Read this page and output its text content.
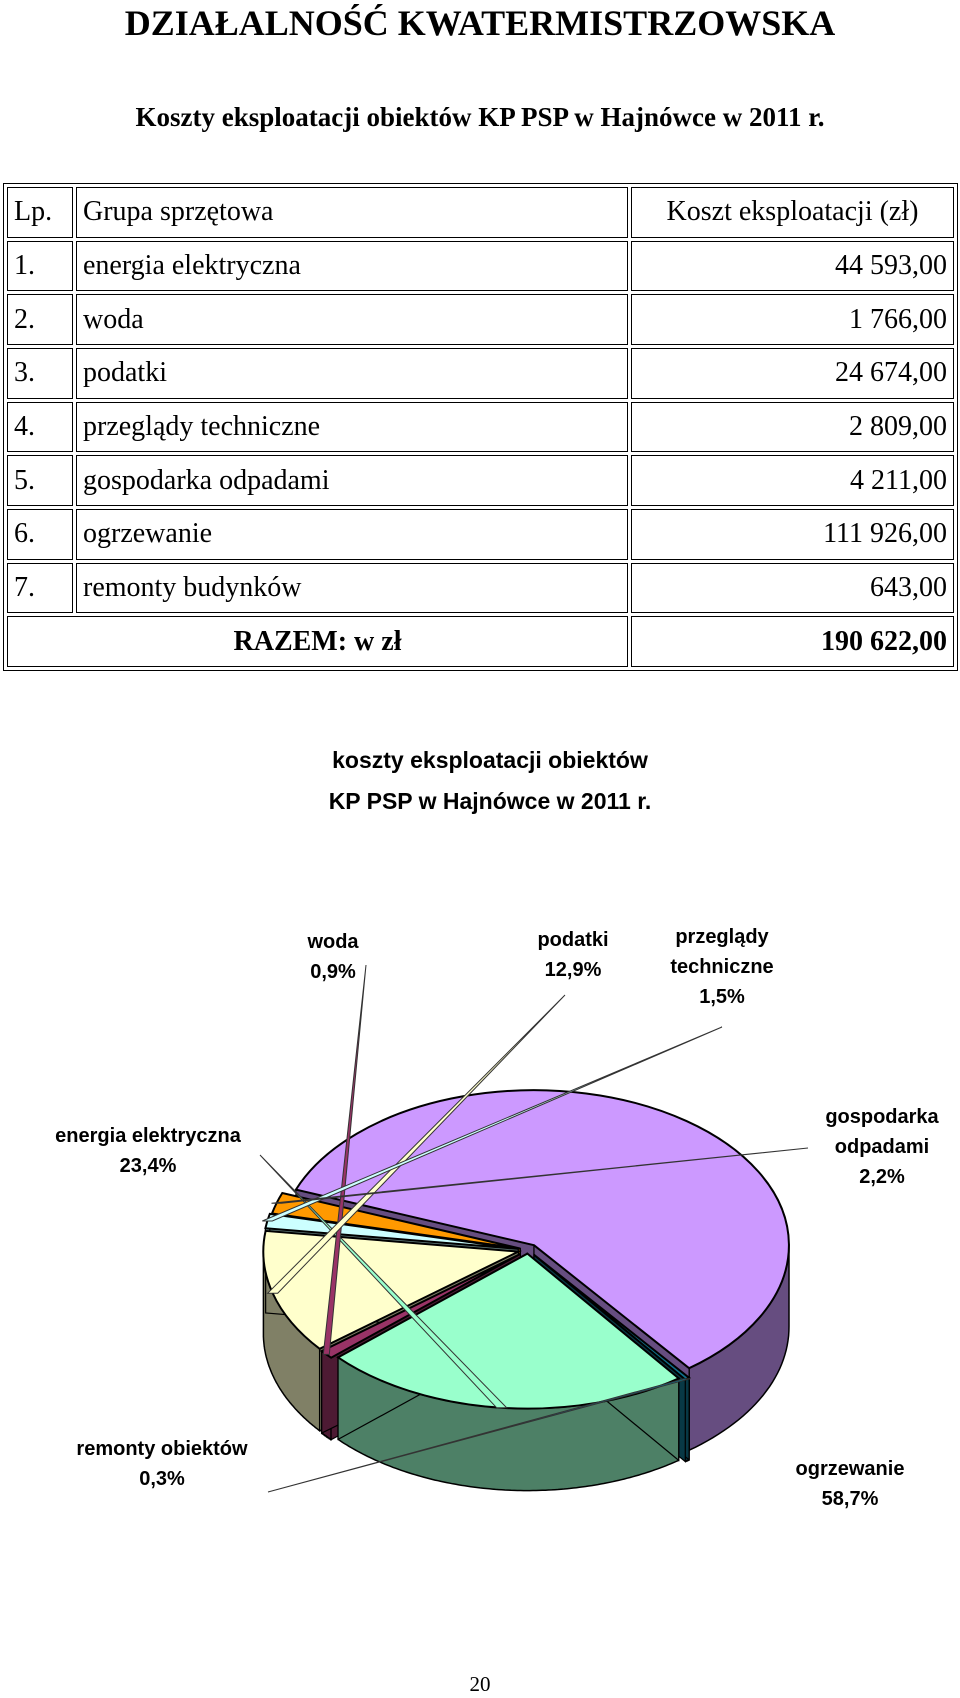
DZIAŁALNOŚĆ KWATERMISTRZOWSKA
Koszty eksploatacji obiektów KP PSP w Hajnówce w 2011 r.
Lp.	Grupa sprzętowa	Koszt eksploatacji (zł)
1.	energia elektryczna	44 593,00
2.	woda	1 766,00
3.	podatki	24 674,00
4.	przeglądy techniczne	2 809,00
5.	gospodarka odpadami	4 211,00
6.	ogrzewanie	111 926,00
7.	remonty budynków	643,00
RAZEM: w zł		190 622,00
koszty eksploatacji obiektów
KP PSP w Hajnówce w 2011 r.
ogrzewanie 58,7%
remonty obiektów 0,3%
energia elektryczna 23,4%
woda 0,9%
podatki 12,9%
przeglądy techniczne 1,5%
gospodarka odpadami 2,2%
20
